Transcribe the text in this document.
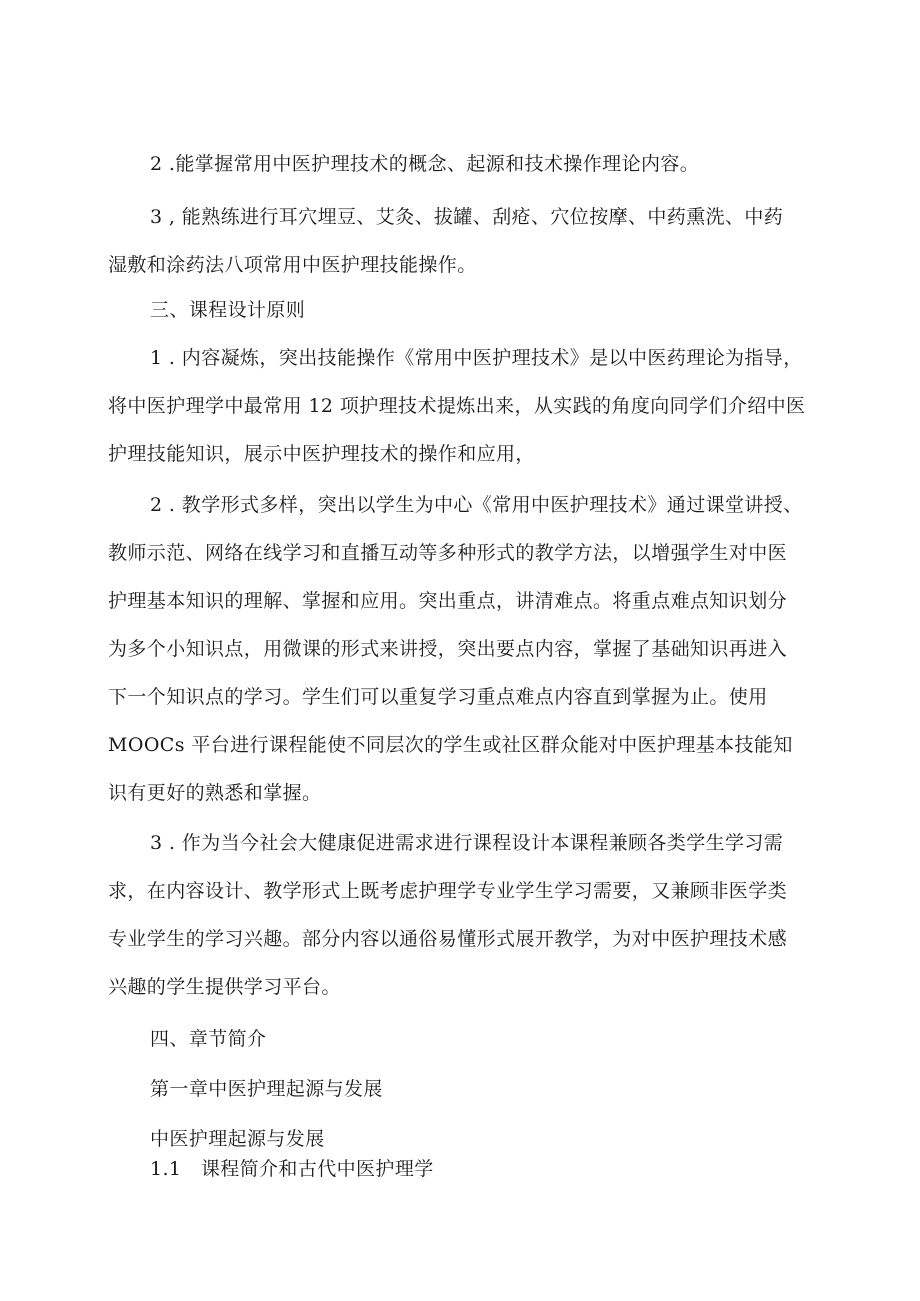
2 .能掌握常用中医护理技术的概念、起源和技术操作理论内容。

3 , 能熟练进行耳穴埋豆、艾灸、拔罐、刮疮、穴位按摩、中药熏洗、中药

湿敷和涂药法八项常用中医护理技能操作。

三、课程设计原则

1 . 内容凝炼，突出技能操作《常用中医护理技术》是以中医药理论为指导，

将中医护理学中最常用 12 项护理技术提炼出来，从实践的角度向同学们介绍中医

护理技能知识，展示中医护理技术的操作和应用，

2 . 教学形式多样，突出以学生为中心《常用中医护理技术》通过课堂讲授、

教师示范、网络在线学习和直播互动等多种形式的教学方法，以增强学生对中医

护理基本知识的理解、掌握和应用。突出重点，讲清难点。将重点难点知识划分

为多个小知识点，用微课的形式来讲授，突出要点内容，掌握了基础知识再进入

下一个知识点的学习。学生们可以重复学习重点难点内容直到掌握为止。使用

MOOCs 平台进行课程能使不同层次的学生或社区群众能对中医护理基本技能知

识有更好的熟悉和掌握。

3 . 作为当今社会大健康促进需求进行课程设计本课程兼顾各类学生学习需

求，在内容设计、教学形式上既考虑护理学专业学生学习需要，又兼顾非医学类

专业学生的学习兴趣。部分内容以通俗易懂形式展开教学，为对中医护理技术感

兴趣的学生提供学习平台。

四、章节简介

第一章中医护理起源与发展

中医护理起源与发展

1.1　课程简介和古代中医护理学
